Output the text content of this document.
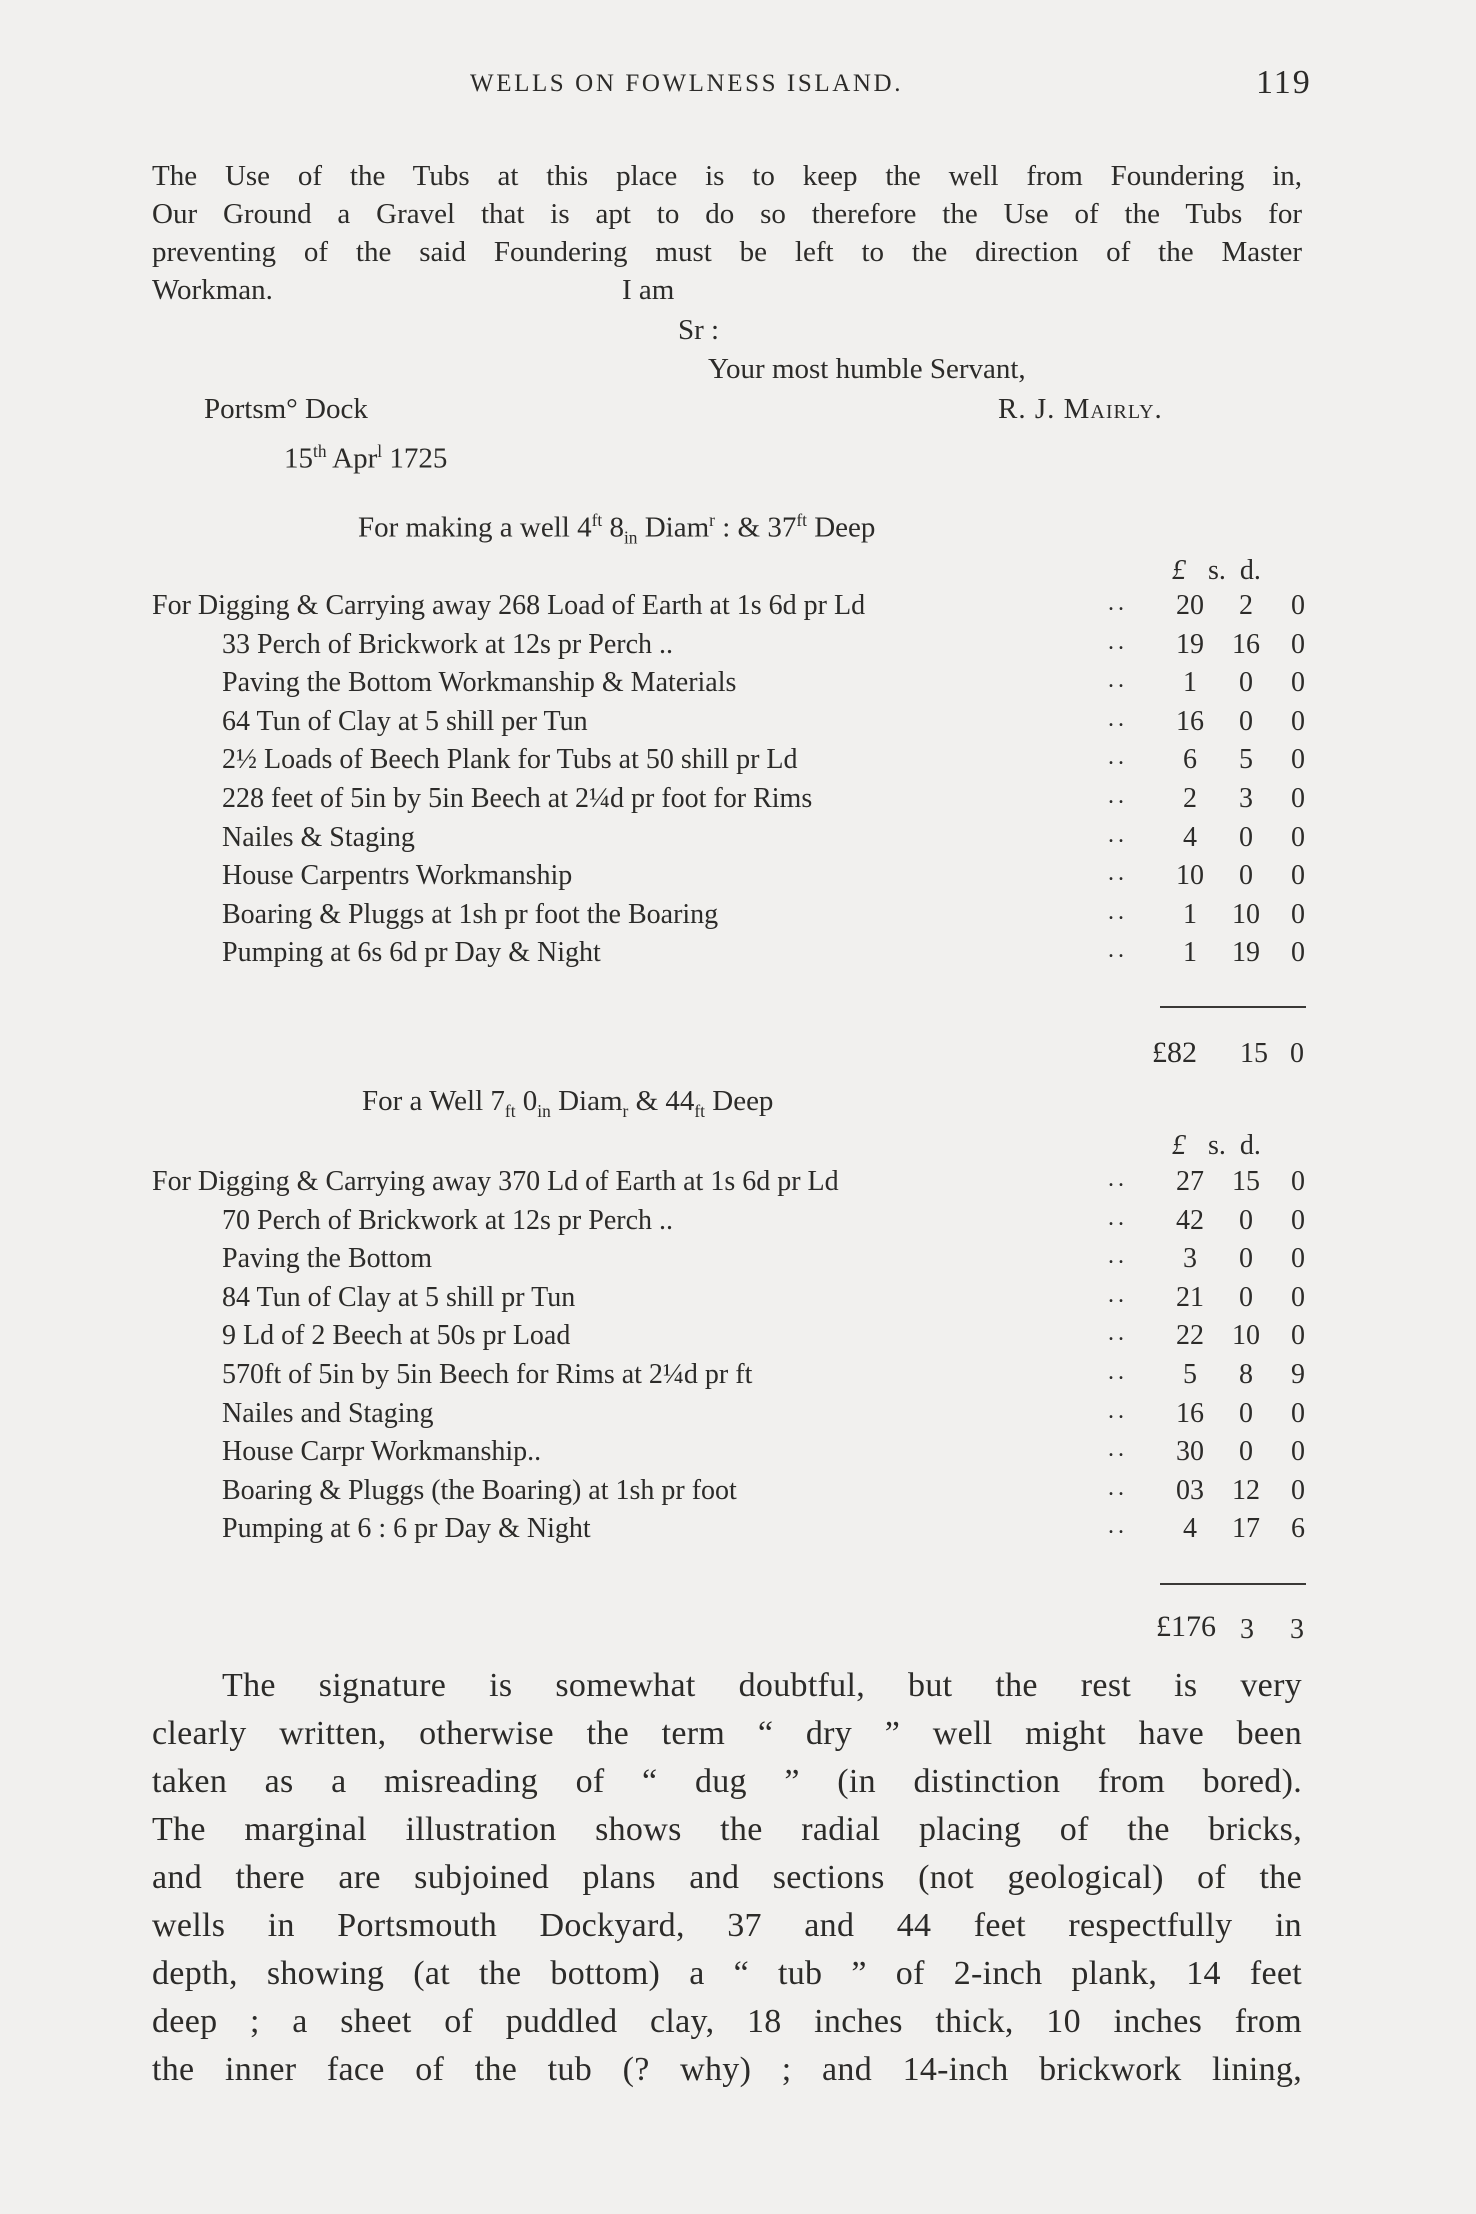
WELLS ON FOWLNESS ISLAND.	119
The Use of the Tubs at this place is to keep the well from Foundering in,
Our Ground a Gravel that is apt to do so therefore the Use of the Tubs for
preventing of the said Foundering must be left to the direction of the Master
Workman.	I am
Sr :
Your most humble Servant,
Portsm° Dock	R. J. Mairly.
15th Apr$^l$ 1725
For making a well $4^{ft}$ $8_{in}$ Diam$^r$ : & $37^{ft}$ Deep
£ s. d.
For Digging & Carrying away 268 Load of Earth at 1s 6d pr Ld	.. 20	2	0
33 Perch of Brickwork at 12s pr Perch ..	.. 19 16	0
Paving the Bottom Workmanship & Materials	..	1	0	0
64 Tun of Clay at 5 shill per Tun	.. 16	0	0
2½ Loads of Beech Plank for Tubs at 50 shill pr Ld	..	6	5	0
228 feet of 5in by 5in Beech at 2¼d pr foot for Rims	..	2	3	0
Nailes & Staging	..	4	0	0
House Carpentrs Workmanship	.. 10	0	0
Boaring & Pluggs at 1sh pr foot the Boaring	..	1	10	0
Pumping at 6s 6d pr Day & Night	..	1	19	0
£82 15 0
For a Well $7_{ft}$ $0_{in}$ Diam$_r$ & $44_{ft}$ Deep
£ s. d.
For Digging & Carrying away 370 Ld of Earth at 1s 6d pr Ld	.. 27 15	0
70 Perch of Brickwork at 12s pr Perch ..	.. 42	0	0
Paving the Bottom	..	3	0	0
84 Tun of Clay at 5 shill pr Tun	.. 21	0	0
9 Ld of 2 Beech at 50s pr Load	.. 22 10	0
570ft of 5in by 5in Beech for Rims at 2¼d pr ft	..	5	8	9
Nailes and Staging	.. 16	0	0
House Carpr Workmanship..	.. 30	0	0
Boaring & Pluggs (the Boaring) at 1sh pr foot	.. 03 12	0
Pumping at 6 : 6 pr Day & Night	..	4	17	6
£176 3 3
The signature is somewhat doubtful, but the rest is very
clearly written, otherwise the term “ dry ” well might have been
taken as a misreading of “ dug ” (in distinction from bored).
The marginal illustration shows the radial placing of the bricks,
and there are subjoined plans and sections (not geological) of the
wells in Portsmouth Dockyard, 37 and 44 feet respectfully in
depth, showing (at the bottom) a “ tub ” of 2-inch plank, 14 feet
deep ; a sheet of puddled clay, 18 inches thick, 10 inches from
the inner face of the tub (? why) ; and 14-inch brickwork lining,
